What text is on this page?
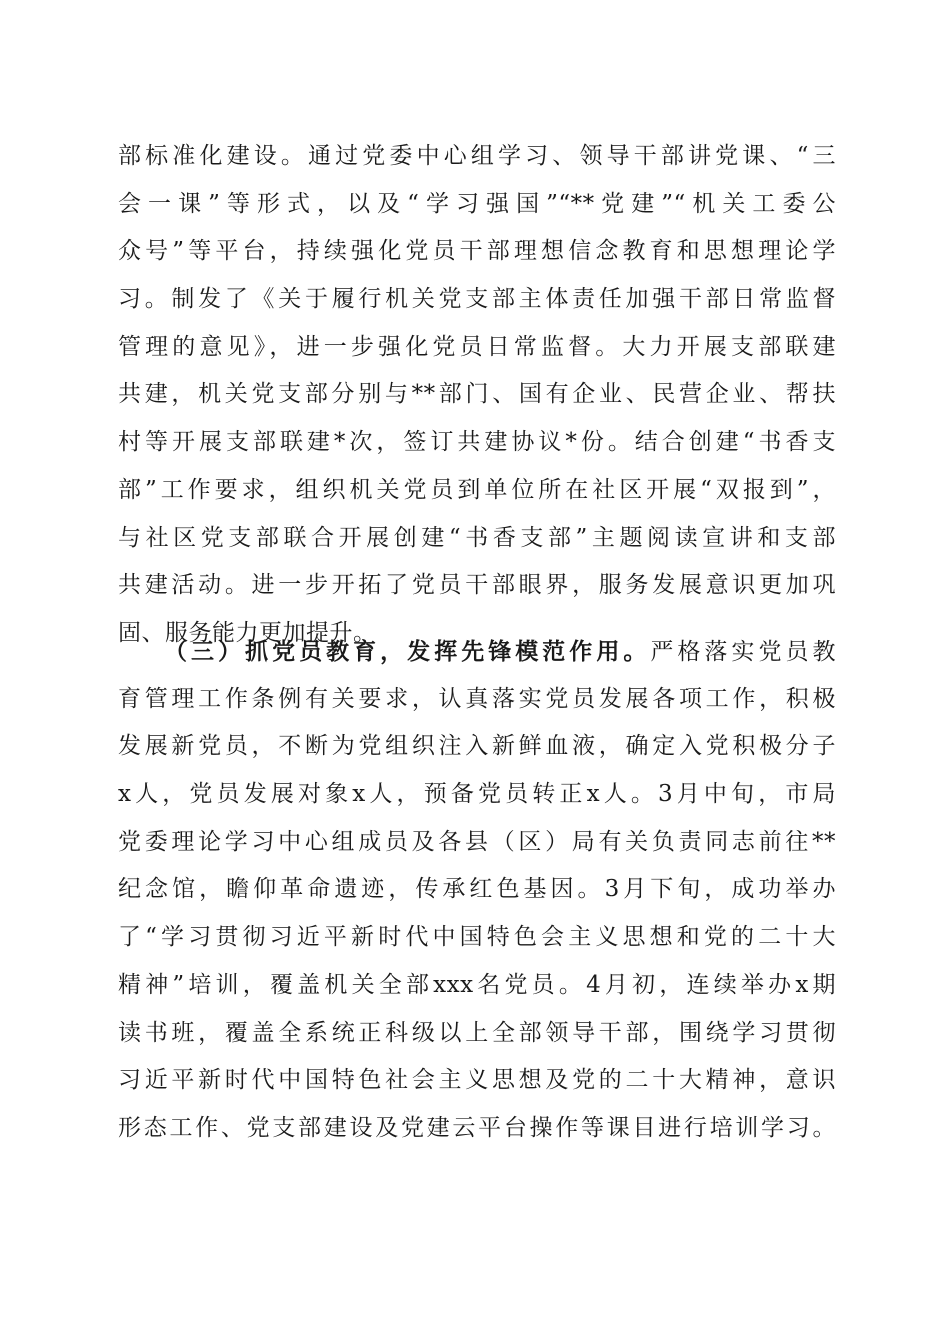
部标准化建设。通过党委中心组学习、领导干部讲党课、“三
会一课”等形式，以及“学习强国”“**党建”“机关工委公
众号”等平台，持续强化党员干部理想信念教育和思想理论学
习。制发了《关于履行机关党支部主体责任加强干部日常监督
管理的意见》，进一步强化党员日常监督。大力开展支部联建
共建，机关党支部分别与**部门、国有企业、民营企业、帮扶
村等开展支部联建*次，签订共建协议*份。结合创建“书香支
部”工作要求，组织机关党员到单位所在社区开展“双报到”，
与社区党支部联合开展创建“书香支部”主题阅读宣讲和支部
共建活动。进一步开拓了党员干部眼界，服务发展意识更加巩
固、服务能力更加提升。
（三）抓党员教育，发挥先锋模范作用。严格落实党员教
育管理工作条例有关要求，认真落实党员发展各项工作，积极
发展新党员，不断为党组织注入新鲜血液，确定入党积极分子
x人，党员发展对象x人，预备党员转正x人。3月中旬，市局
党委理论学习中心组成员及各县（区）局有关负责同志前往**
纪念馆，瞻仰革命遗迹，传承红色基因。3月下旬，成功举办
了“学习贯彻习近平新时代中国特色会主义思想和党的二十大
精神”培训，覆盖机关全部xxx名党员。4月初，连续举办x期
读书班，覆盖全系统正科级以上全部领导干部，围绕学习贯彻
习近平新时代中国特色社会主义思想及党的二十大精神，意识
形态工作、党支部建设及党建云平台操作等课目进行培训学习。
